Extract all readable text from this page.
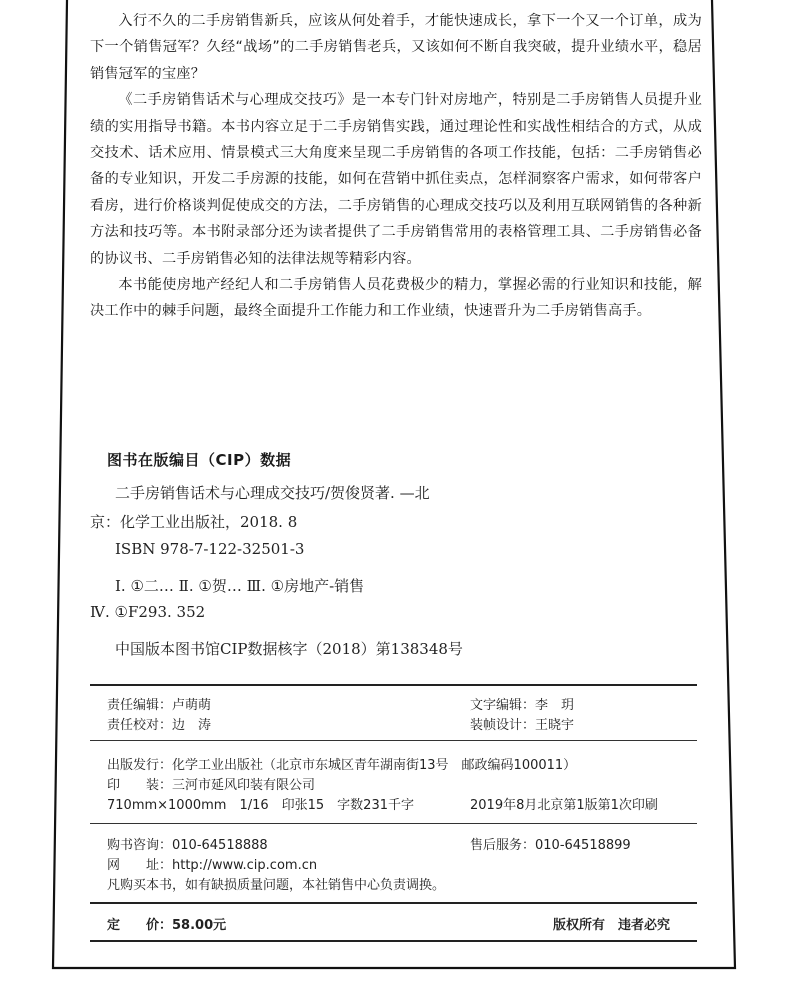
入行不久的二手房销售新兵，应该从何处着手，才能快速成长，拿下一个又一个订单，成为下一个销售冠军？久经“战场”的二手房销售老兵，又该如何不断自我突破，提升业绩水平，稳居销售冠军的宝座？

《二手房销售话术与心理成交技巧》是一本专门针对房地产，特别是二手房销售人员提升业绩的实用指导书籍。本书内容立足于二手房销售实践，通过理论性和实战性相结合的方式，从成交技术、话术应用、情景模式三大角度来呈现二手房销售的各项工作技能，包括：二手房销售必备的专业知识，开发二手房源的技能，如何在营销中抓住卖点，怎样洞察客户需求，如何带客户看房，进行价格谈判促使成交的方法，二手房销售的心理成交技巧以及利用互联网销售的各种新方法和技巧等。本书附录部分还为读者提供了二手房销售常用的表格管理工具、二手房销售必备的协议书、二手房销售必知的法律法规等精彩内容。

本书能使房地产经纪人和二手房销售人员花费极少的精力，掌握必需的行业知识和技能，解决工作中的棘手问题，最终全面提升工作能力和工作业绩，快速晋升为二手房销售高手。

图书在版编目（CIP）数据
二手房销售话术与心理成交技巧/贺俊贤著. —北
京：化学工业出版社，2018. 8
ISBN 978-7-122-32501-3
Ⅰ. ①二… Ⅱ. ①贺… Ⅲ. ①房地产-销售
Ⅳ. ①F293. 352
中国版本图书馆CIP数据核字（2018）第138348号
责任编辑：卢萌萌	文字编辑：李　玥
责任校对：边　涛	装帧设计：王晓宇
出版发行：化学工业出版社（北京市东城区青年湖南街13号　邮政编码100011）
印　　装：三河市延风印装有限公司
710mm×1000mm　1/16　印张15　字数231千字	2019年8月北京第1版第1次印刷
购书咨询：010-64518888	售后服务：010-64518899
网　　址：http://www.cip.com.cn
凡购买本书，如有缺损质量问题，本社销售中心负责调换。
定　　价：58.00元	版权所有　违者必究
